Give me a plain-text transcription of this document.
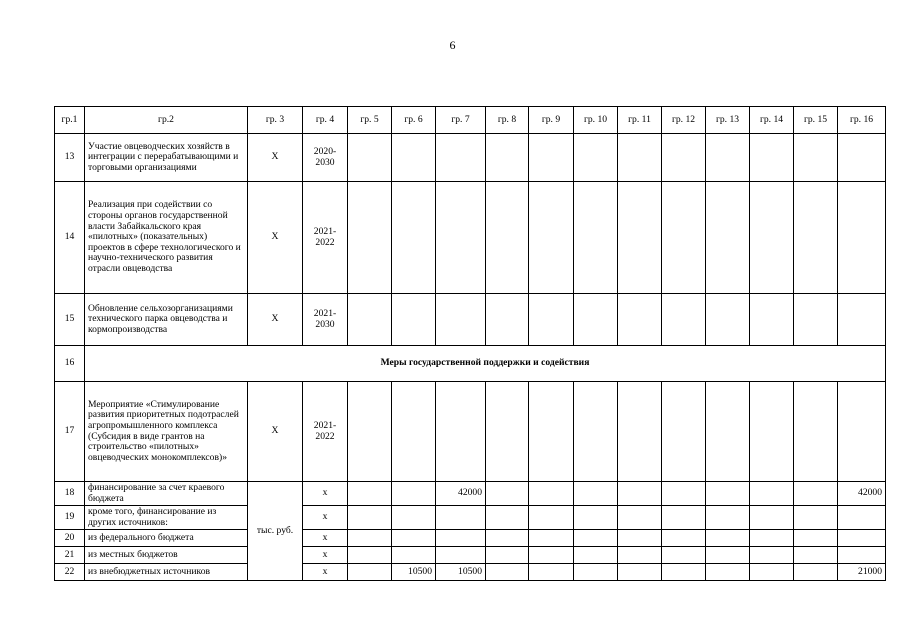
6
гр.1	гр.2	гр. 3	гр. 4	гр. 5	гр. 6	гр. 7	гр. 8	гр. 9	гр. 10	гр. 11	гр. 12	гр. 13	гр. 14	гр. 15	гр. 16
13	Участие овцеводческих хозяйств в интеграции с перерабатывающими и торговыми организациями	X	2020-2030												
14	Реализация при содействии со стороны органов государственной власти Забайкальского края «пилотных» (показательных) проектов в сфере технологического и научно-технического развития отрасли овцеводства	X	2021-2022												
15	Обновление сельхозорганизациями технического парка овцеводства и кормопроизводства	X	2021-2030												
16	Меры государственной поддержки и содействия														
17	Мероприятие «Стимулирование развития приоритетных подотраслей агропромышленного комплекса (Субсидия в виде грантов на строительство «пилотных» овцеводческих монокомплексов)»	X	2021-2022												
18	финансирование за счет краевого бюджета	тыс. руб.	х			42000									42000
19	кроме того, финансирование из других источников:		х												
20	из федерального бюджета		х												
21	из местных бюджетов		х												
22	из внебюджетных источников		х		10500	10500									21000
